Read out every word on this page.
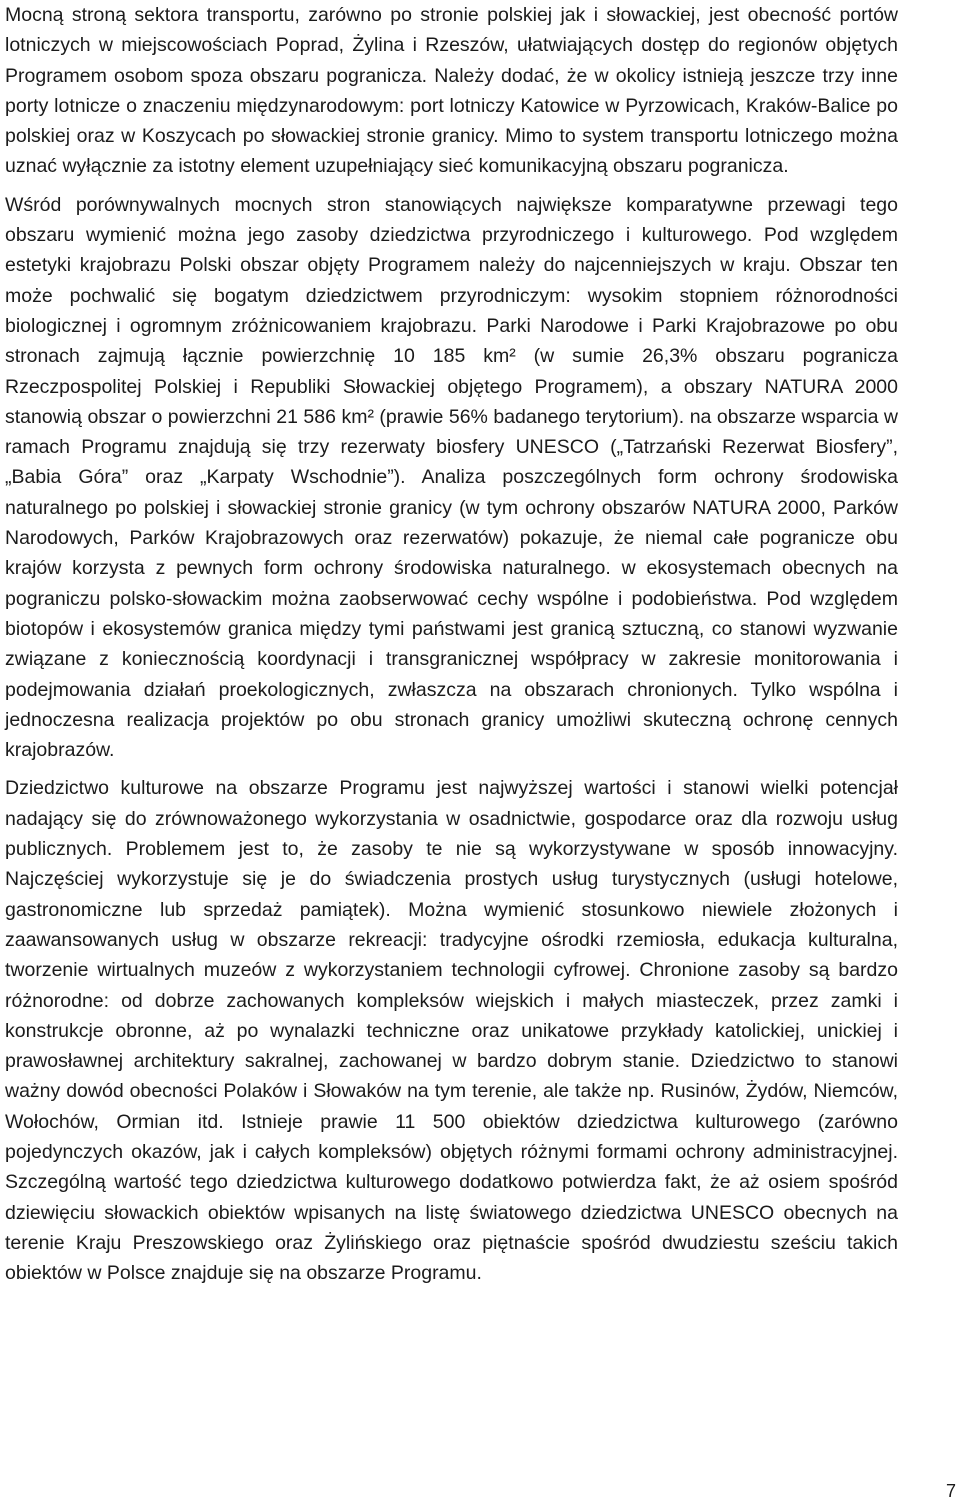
Mocną stroną sektora transportu, zarówno po stronie polskiej jak i słowackiej, jest obecność portów lotniczych w miejscowościach Poprad, Żylina i Rzeszów, ułatwiających dostęp do regionów objętych Programem osobom spoza obszaru pogranicza. Należy dodać, że w okolicy istnieją jeszcze trzy inne porty lotnicze o znaczeniu międzynarodowym: port lotniczy Katowice w Pyrzowicach, Kraków-Balice po polskiej oraz w Koszycach po słowackiej stronie granicy. Mimo to system transportu lotniczego można uznać wyłącznie za istotny element uzupełniający sieć komunikacyjną obszaru pogranicza.

Wśród porównywalnych mocnych stron stanowiących największe komparatywne przewagi tego obszaru wymienić można jego zasoby dziedzictwa przyrodniczego i kulturowego. Pod względem estetyki krajobrazu Polski obszar objęty Programem należy do najcenniejszych w kraju. Obszar ten może pochwalić się bogatym dziedzictwem przyrodniczym: wysokim stopniem różnorodności biologicznej i ogromnym zróżnicowaniem krajobrazu. Parki Narodowe i Parki Krajobrazowe po obu stronach zajmują łącznie powierzchnię 10 185 km² (w sumie 26,3% obszaru pogranicza Rzeczpospolitej Polskiej i Republiki Słowackiej objętego Programem), a obszary NATURA 2000 stanowią obszar o powierzchni 21 586 km² (prawie 56% badanego terytorium). na obszarze wsparcia w ramach Programu znajdują się trzy rezerwaty biosfery UNESCO („Tatrzański Rezerwat Biosfery”, „Babia Góra” oraz „Karpaty Wschodnie”). Analiza poszczególnych form ochrony środowiska naturalnego po polskiej i słowackiej stronie granicy (w tym ochrony obszarów NATURA 2000, Parków Narodowych, Parków Krajobrazowych oraz rezerwatów) pokazuje, że niemal całe pogranicze obu krajów korzysta z pewnych form ochrony środowiska naturalnego. w ekosystemach obecnych na pograniczu polsko-słowackim można zaobserwować cechy wspólne i podobieństwa. Pod względem biotopów i ekosystemów granica między tymi państwami jest granicą sztuczną, co stanowi wyzwanie związane z koniecznością koordynacji i transgranicznej współpracy w zakresie monitorowania i podejmowania działań proekologicznych, zwłaszcza na obszarach chronionych. Tylko wspólna i jednoczesna realizacja projektów po obu stronach granicy umożliwi skuteczną ochronę cennych krajobrazów.

Dziedzictwo kulturowe na obszarze Programu jest najwyższej wartości i stanowi wielki potencjał nadający się do zrównoważonego wykorzystania w osadnictwie, gospodarce oraz dla rozwoju usług publicznych. Problemem jest to, że zasoby te nie są wykorzystywane w sposób innowacyjny. Najczęściej wykorzystuje się je do świadczenia prostych usług turystycznych (usługi hotelowe, gastronomiczne lub sprzedaż pamiątek). Można wymienić stosunkowo niewiele złożonych i zaawansowanych usług w obszarze rekreacji: tradycyjne ośrodki rzemiosła, edukacja kulturalna, tworzenie wirtualnych muzeów z wykorzystaniem technologii cyfrowej. Chronione zasoby są bardzo różnorodne: od dobrze zachowanych kompleksów wiejskich i małych miasteczek, przez zamki i konstrukcje obronne, aż po wynalazki techniczne oraz unikatowe przykłady katolickiej, unickiej i prawosławnej architektury sakralnej, zachowanej w bardzo dobrym stanie. Dziedzictwo to stanowi ważny dowód obecności Polaków i Słowaków na tym terenie, ale także np. Rusinów, Żydów, Niemców, Wołochów, Ormian itd. Istnieje prawie 11 500 obiektów dziedzictwa kulturowego (zarówno pojedynczych okazów, jak i całych kompleksów) objętych różnymi formami ochrony administracyjnej. Szczególną wartość tego dziedzictwa kulturowego dodatkowo potwierdza fakt, że aż osiem spośród dziewięciu słowackich obiektów wpisanych na listę światowego dziedzictwa UNESCO obecnych na terenie Kraju Preszowskiego oraz Żylińskiego oraz piętnaście spośród dwudziestu sześciu takich obiektów w Polsce znajduje się na obszarze Programu.

7
